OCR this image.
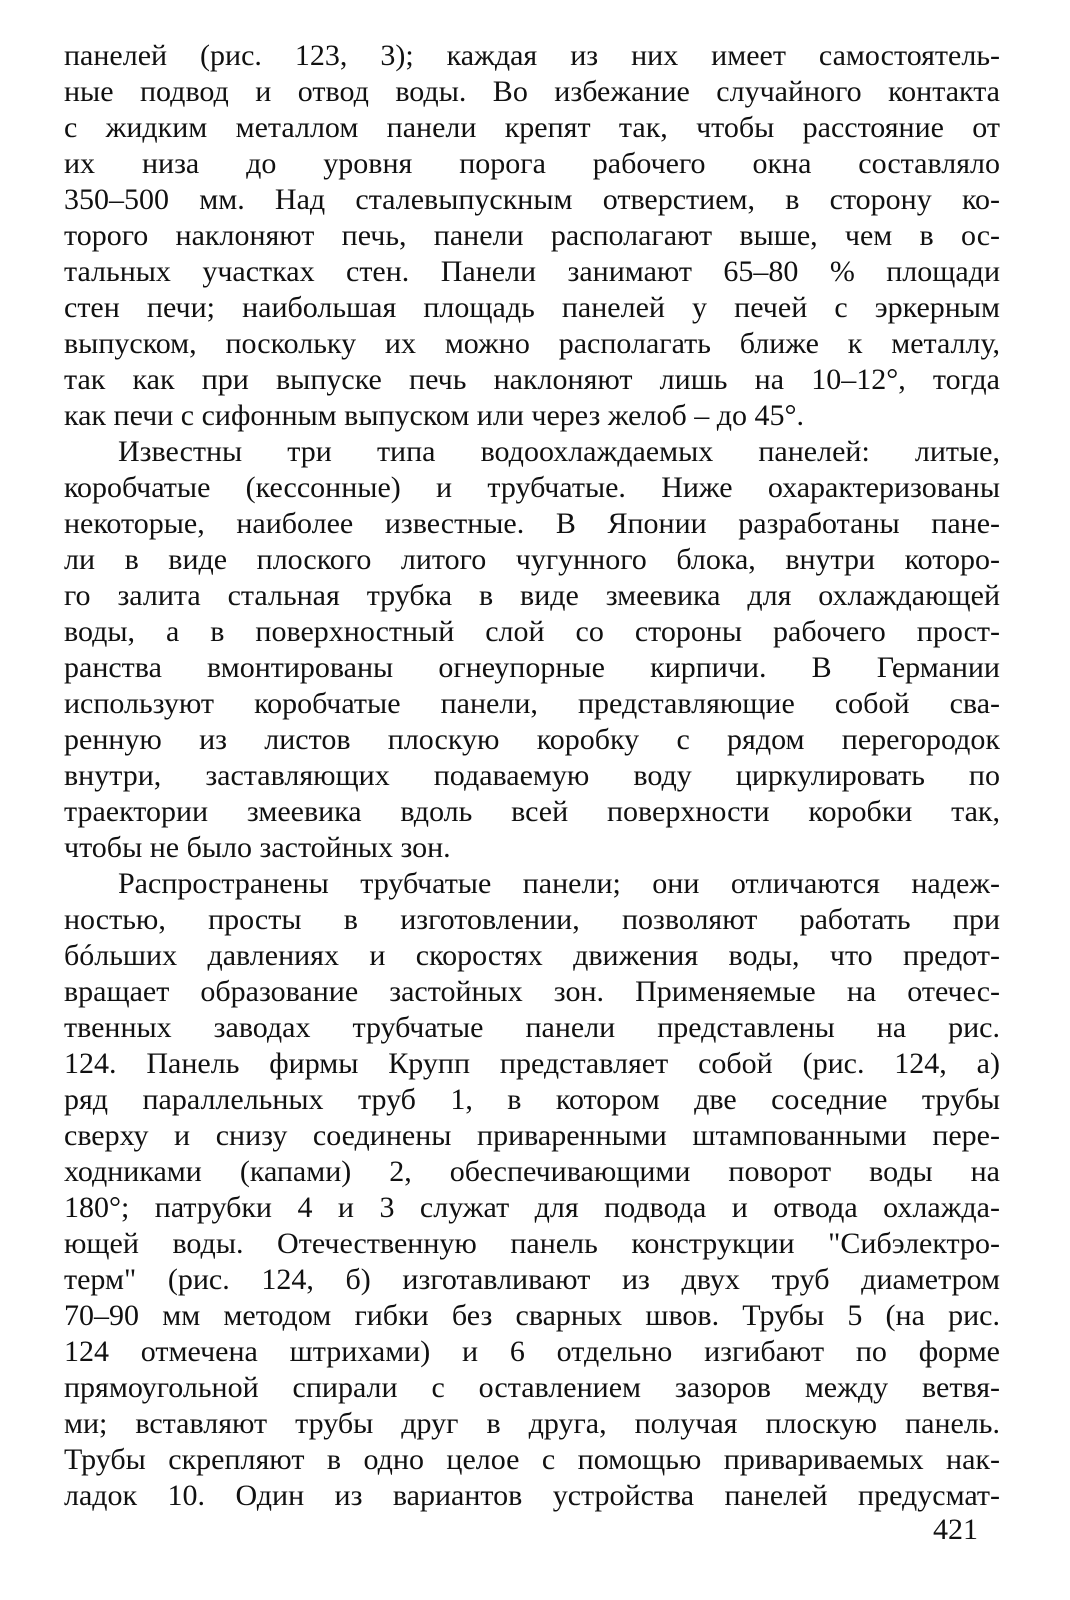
панелей (рис. 123, 3); каждая из них имеет самостоятель-
ные подвод и отвод воды. Во избежание случайного контакта
с жидким металлом панели крепят так, чтобы расстояние от
их низа до уровня порога рабочего окна составляло
350–500 мм. Над сталевыпускным отверстием, в сторону ко-
торого наклоняют печь, панели располагают выше, чем в ос-
тальных участках стен. Панели занимают 65–80 % площади
стен печи; наибольшая площадь панелей у печей с эркерным
выпуском, поскольку их можно располагать ближе к металлу,
так как при выпуске печь наклоняют лишь на 10–12°, тогда
как печи с сифонным выпуском или через желоб – до 45°.
Известны три типа водоохлаждаемых панелей: литые,
коробчатые (кессонные) и трубчатые. Ниже охарактеризованы
некоторые, наиболее известные. В Японии разработаны пане-
ли в виде плоского литого чугунного блока, внутри которо-
го залита стальная трубка в виде змеевика для охлаждающей
воды, а в поверхностный слой со стороны рабочего прост-
ранства вмонтированы огнеупорные кирпичи. В Германии
используют коробчатые панели, представляющие собой сва-
ренную из листов плоскую коробку с рядом перегородок
внутри, заставляющих подаваемую воду циркулировать по
траектории змеевика вдоль всей поверхности коробки так,
чтобы не было застойных зон.
Распространены трубчатые панели; они отличаются надеж-
ностью, просты в изготовлении, позволяют работать при
бóльших давлениях и скоростях движения воды, что предот-
вращает образование застойных зон. Применяемые на отечес-
твенных заводах трубчатые панели представлены на рис.
124. Панель фирмы Крупп представляет собой (рис. 124, а)
ряд параллельных труб 1, в котором две соседние трубы
сверху и снизу соединены приваренными штампованными пере-
ходниками (капами) 2, обеспечивающими поворот воды на
180°; патрубки 4 и 3 служат для подвода и отвода охлажда-
ющей воды. Отечественную панель конструкции "Сибэлектро-
терм" (рис. 124, б) изготавливают из двух труб диаметром
70–90 мм методом гибки без сварных швов. Трубы 5 (на рис.
124 отмечена штрихами) и 6 отдельно изгибают по форме
прямоугольной спирали с оставлением зазоров между ветвя-
ми; вставляют трубы друг в друга, получая плоскую панель.
Трубы скрепляют в одно целое с помощью привариваемых нак-
ладок 10. Один из вариантов устройства панелей предусмат-
421
